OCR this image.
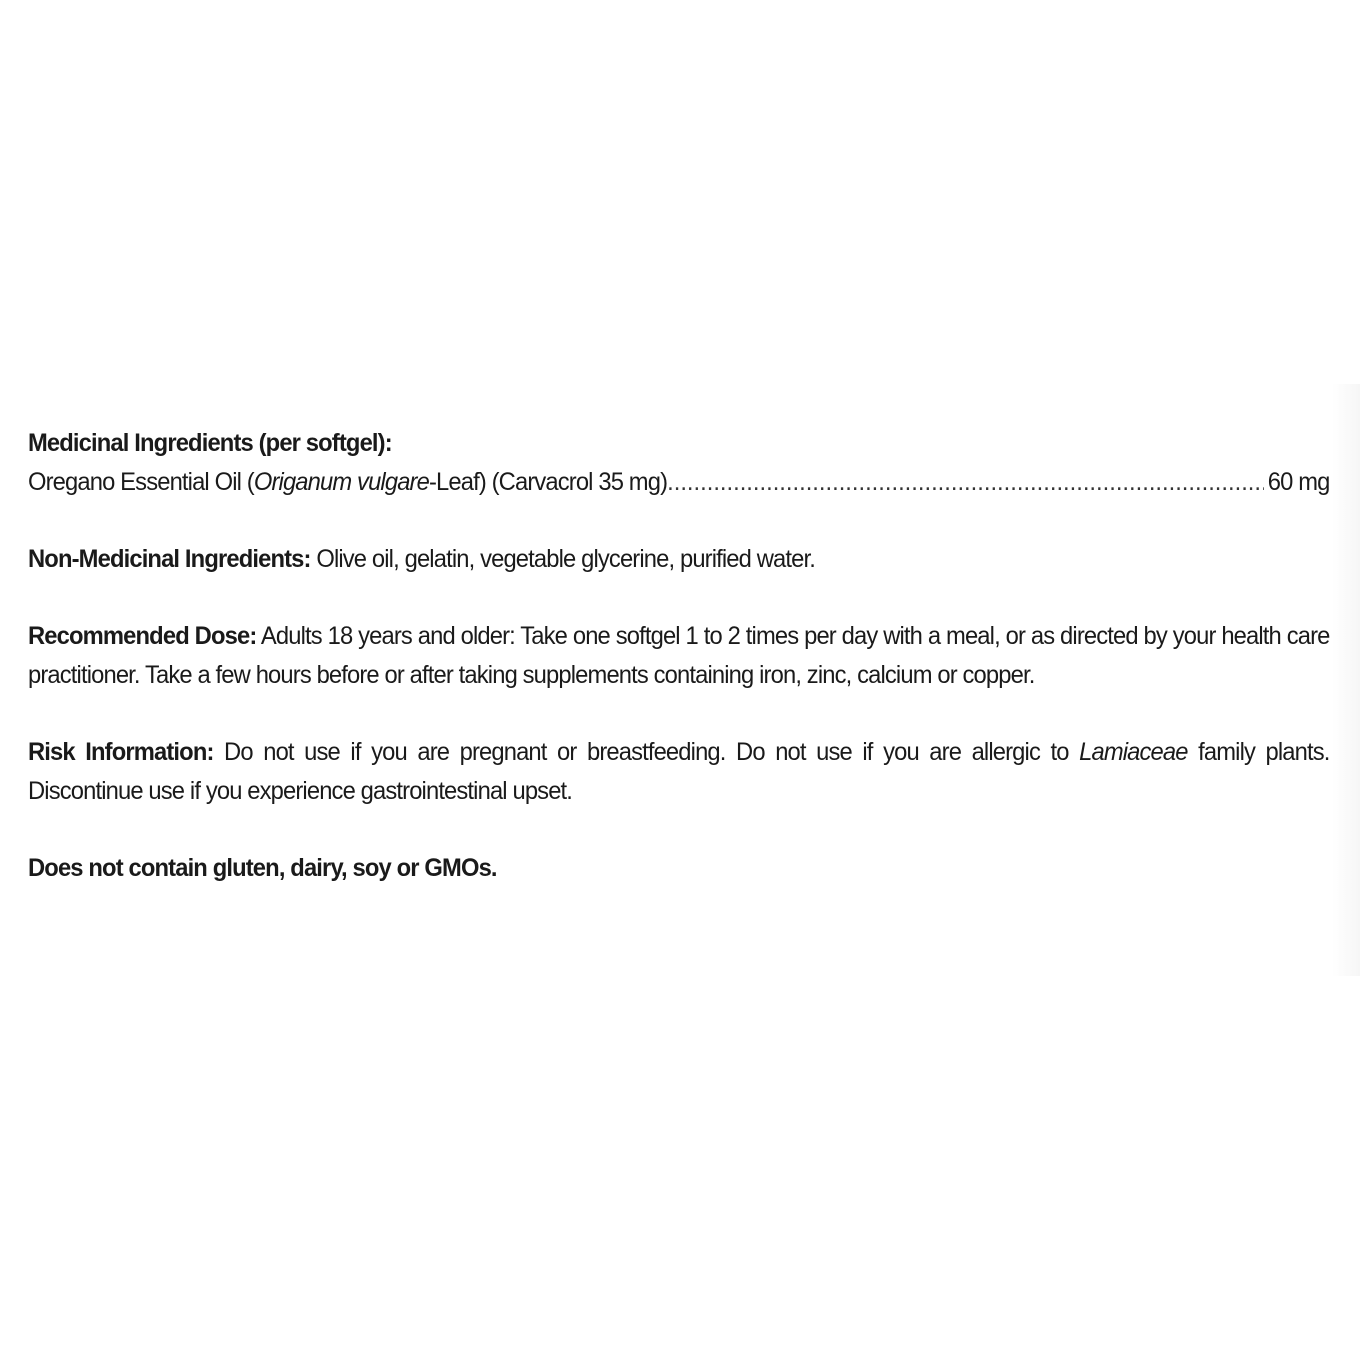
Medicinal Ingredients (per softgel):
Oregano Essential Oil (Origanum vulgare-Leaf) (Carvacrol 35 mg)
.....	60 mg
Non-Medicinal Ingredients: Olive oil, gelatin, vegetable glycerine, purified water.
Recommended Dose: Adults 18 years and older: Take one softgel 1 to 2 times per day with a meal, or as directed by your health care practitioner. Take a few hours before or after taking supplements containing iron, zinc, calcium or copper.
Risk Information: Do not use if you are pregnant or breastfeeding. Do not use if you are allergic to Lamiaceae family plants. Discontinue use if you experience gastrointestinal upset.
Does not contain gluten, dairy, soy or GMOs.
